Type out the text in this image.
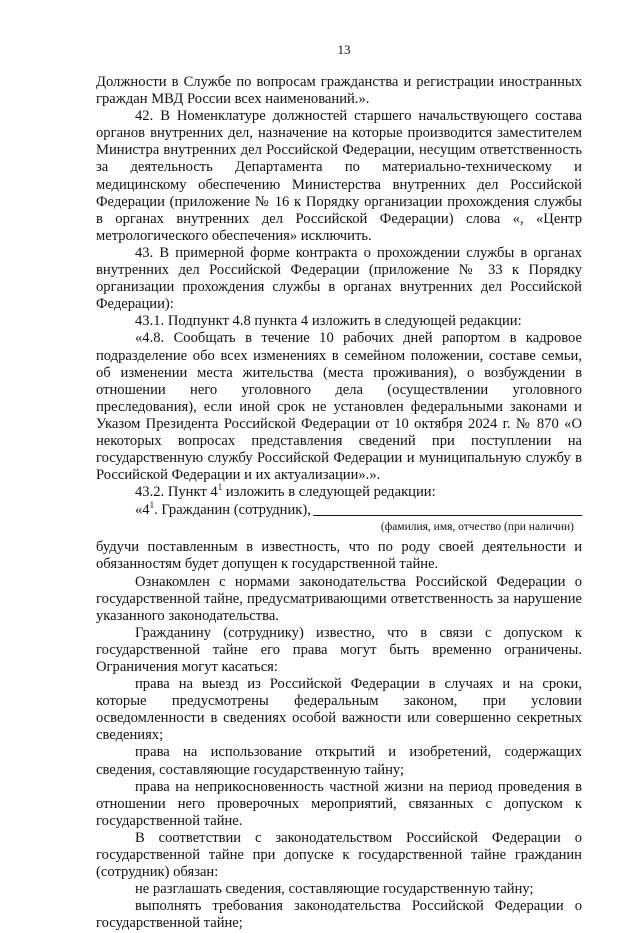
13

Должности в Службе по вопросам гражданства и регистрации иностранных граждан МВД России всех наименований.».

42. В Номенклатуре должностей старшего начальствующего состава органов внутренних дел, назначение на которые производится заместителем Министра внутренних дел Российской Федерации, несущим ответственность за деятельность Департамента по материально-техническому и медицинскому обеспечению Министерства внутренних дел Российской Федерации (приложение № 16 к Порядку организации прохождения службы в органах внутренних дел Российской Федерации) слова «, «Центр метрологического обеспечения» исключить.

43. В примерной форме контракта о прохождении службы в органах внутренних дел Российской Федерации (приложение № 33 к Порядку организации прохождения службы в органах внутренних дел Российской Федерации):

43.1. Подпункт 4.8 пункта 4 изложить в следующей редакции:

«4.8. Сообщать в течение 10 рабочих дней рапортом в кадровое подразделение обо всех изменениях в семейном положении, составе семьи, об изменении места жительства (места проживания), о возбуждении в отношении него уголовного дела (осуществлении уголовного преследования), если иной срок не установлен федеральными законами и Указом Президента Российской Федерации от 10 октября 2024 г. № 870 «О некоторых вопросах представления сведений при поступлении на государственную службу Российской Федерации и муниципальную службу в Российской Федерации и их актуализации».».

43.2. Пункт $4^1$ изложить в следующей редакции:

«$4^1$. Гражданин (сотрудник),
(фамилия, имя, отчество (при наличии)

будучи поставленным в известность, что по роду своей деятельности и обязанностям будет допущен к государственной тайне.

Ознакомлен с нормами законодательства Российской Федерации о государственной тайне, предусматривающими ответственность за нарушение указанного законодательства.

Гражданину (сотруднику) известно, что в связи с допуском к государственной тайне его права могут быть временно ограничены. Ограничения могут касаться:

права на выезд из Российской Федерации в случаях и на сроки, которые предусмотрены федеральным законом, при условии осведомленности в сведениях особой важности или совершенно секретных сведениях;

права на использование открытий и изобретений, содержащих сведения, составляющие государственную тайну;

права на неприкосновенность частной жизни на период проведения в отношении него проверочных мероприятий, связанных с допуском к государственной тайне.

В соответствии с законодательством Российской Федерации о государственной тайне при допуске к государственной тайне гражданин (сотрудник) обязан:

не разглашать сведения, составляющие государственную тайну;

выполнять требования законодательства Российской Федерации о государственной тайне;
